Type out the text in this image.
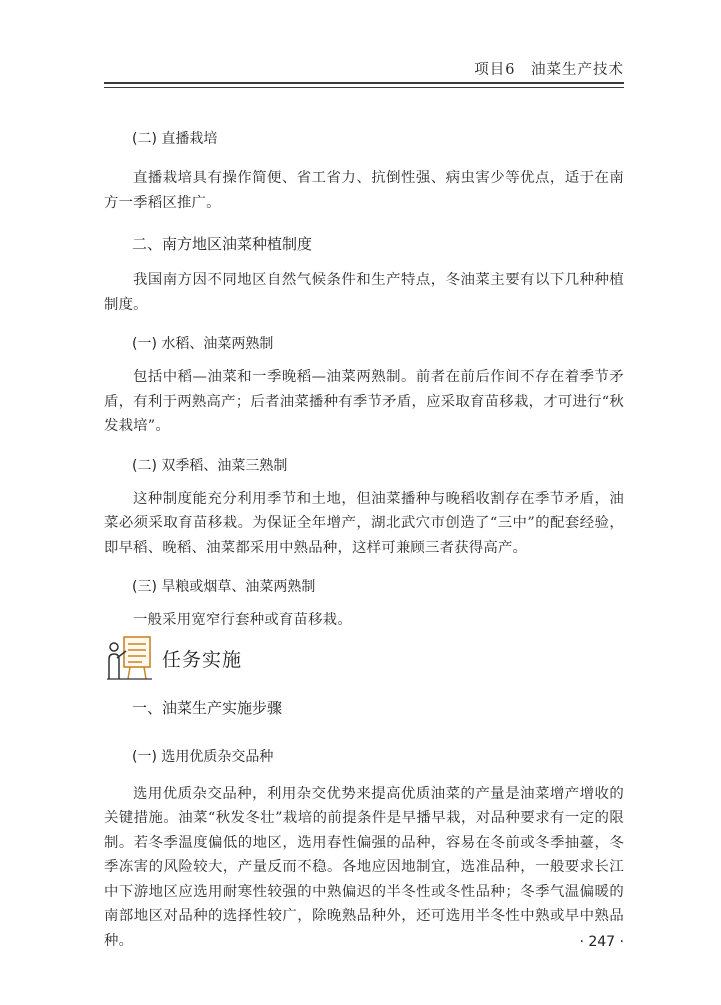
项目6　油菜生产技术
(二) 直播栽培

直播栽培具有操作简便、省工省力、抗倒性强、病虫害少等优点，适于在南方一季稻区推广。

二、南方地区油菜种植制度

我国南方因不同地区自然气候条件和生产特点，冬油菜主要有以下几种种植制度。

(一) 水稻、油菜两熟制

包括中稻—油菜和一季晚稻—油菜两熟制。前者在前后作间不存在着季节矛盾，有利于两熟高产；后者油菜播种有季节矛盾，应采取育苗移栽，才可进行“秋发栽培”。

(二) 双季稻、油菜三熟制

这种制度能充分利用季节和土地，但油菜播种与晚稻收割存在季节矛盾，油菜必须采取育苗移栽。为保证全年增产，湖北武穴市创造了“三中”的配套经验，即早稻、晚稻、油菜都采用中熟品种，这样可兼顾三者获得高产。

(三) 旱粮或烟草、油菜两熟制

一般采用宽窄行套种或育苗移栽。

任务实施
一、油菜生产实施步骤
(一) 选用优质杂交品种

选用优质杂交品种，利用杂交优势来提高优质油菜的产量是油菜增产增收的关键措施。油菜“秋发冬壮”栽培的前提条件是早播早栽，对品种要求有一定的限制。若冬季温度偏低的地区，选用春性偏强的品种，容易在冬前或冬季抽薹，冬季冻害的风险较大，产量反而不稳。各地应因地制宜，选准品种，一般要求长江中下游地区应选用耐寒性较强的中熟偏迟的半冬性或冬性品种；冬季气温偏暖的南部地区对品种的选择性较广，除晚熟品种外，还可选用半冬性中熟或早中熟品种。	· 247 ·
